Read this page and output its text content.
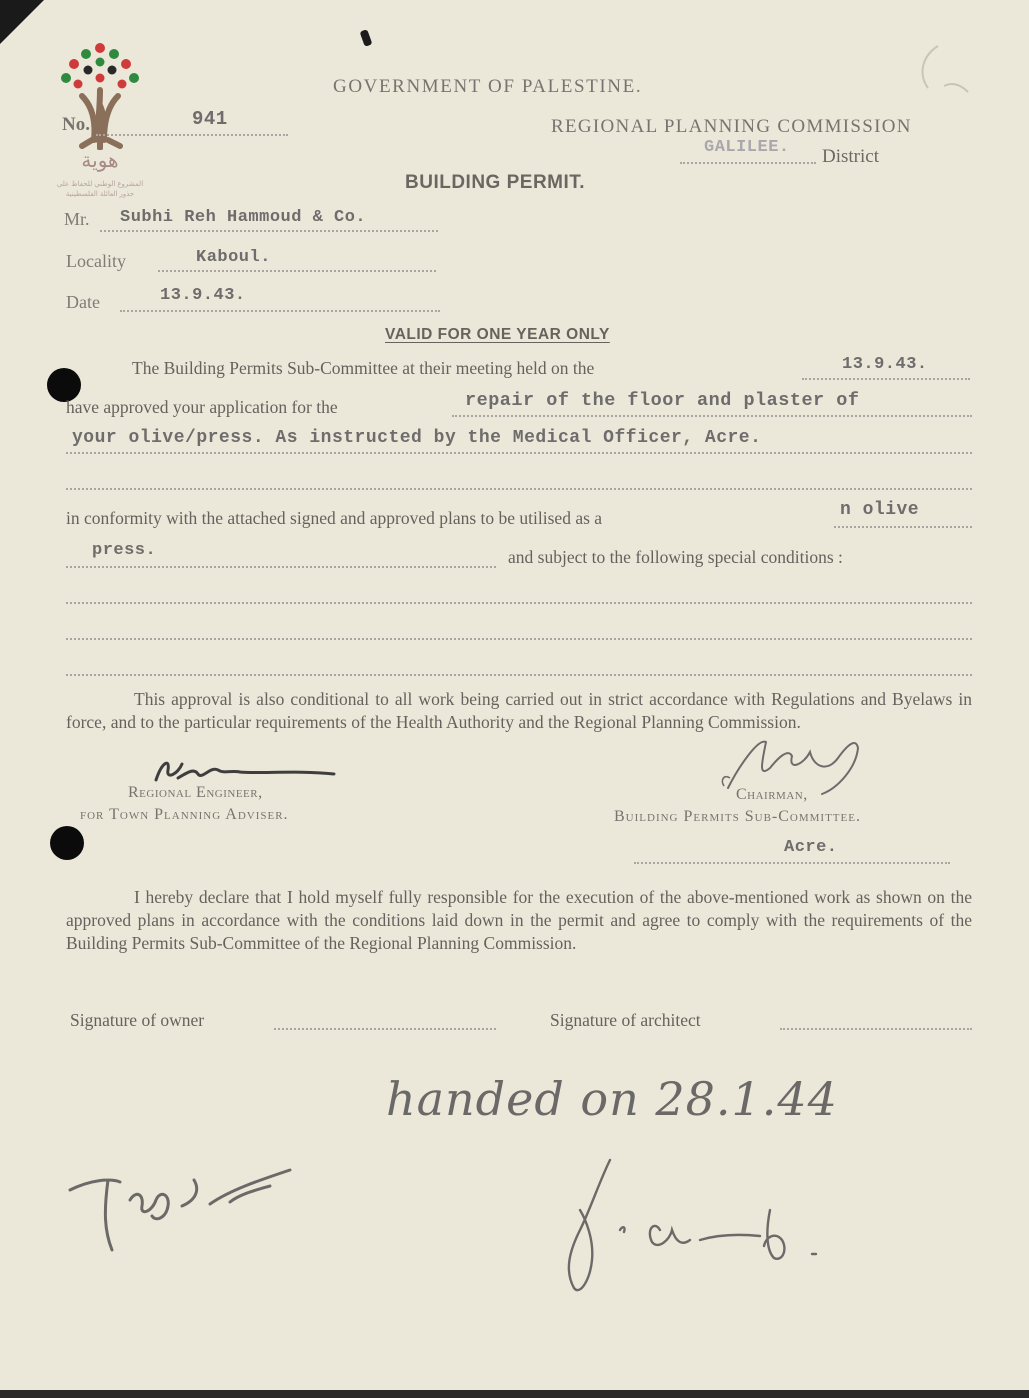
هوية
المشروع الوطني للحفاظ على
جذور العائلة الفلسطينية
GOVERNMENT OF PALESTINE.
No.	941	REGIONAL PLANNING COMMISSION
GALILEE. District
BUILDING PERMIT.
Mr. Subhi Reh Hammoud & Co.
Locality	Kaboul.
Date	13.9.43.
VALID FOR ONE YEAR ONLY
The Building Permits Sub-Committee at their meeting held on the	13.9.43.
have approved your application for the	repair of the floor and plaster of
your olive/press. As instructed by the Medical Officer, Acre.
in conformity with the attached signed and approved plans to be utilised as a	n olive
press.	and subject to the following special conditions :
This approval is also conditional to all work being carried out in strict accordance with Regulations and Byelaws in force, and to the particular requirements of the Health Authority and the Regional Planning Commission.
Regional Engineer,
for Town Planning Adviser.
Chairman,
Building Permits Sub-Committee.
Acre.
I hereby declare that I hold myself fully responsible for the execution of the above-mentioned work as shown on the approved plans in accordance with the conditions laid down in the permit and agree to comply with the requirements of the Building Permits Sub-Committee of the Regional Planning Commission.
Signature of owner	Signature of architect
handed on 28.1.44
